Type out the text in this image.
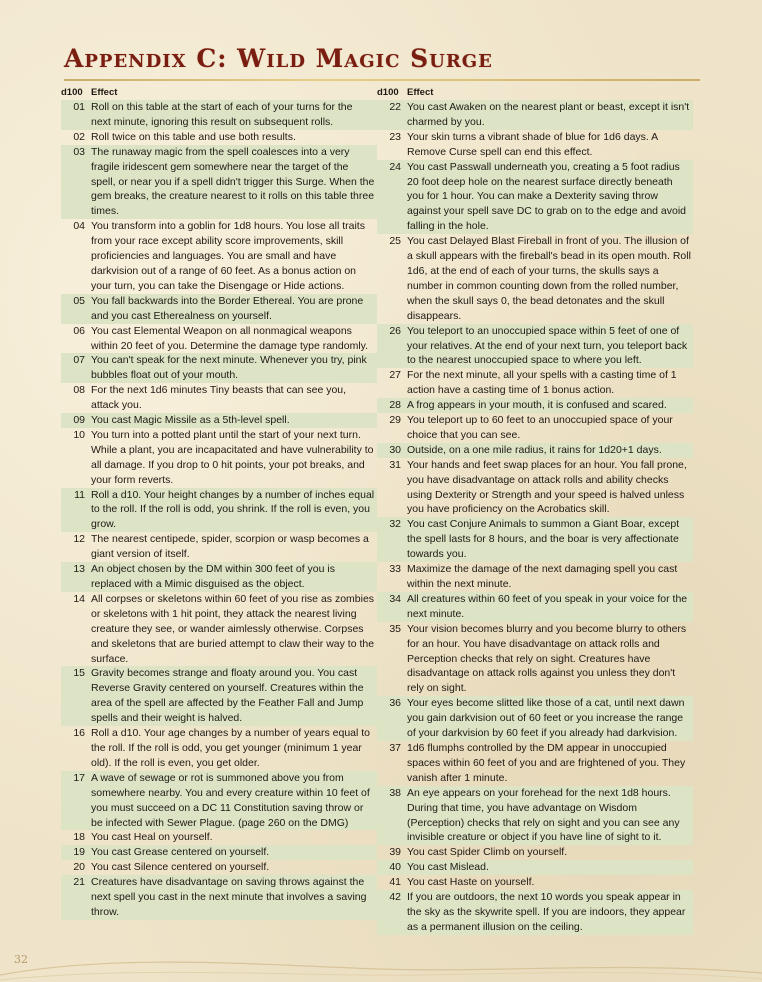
Appendix C: Wild Magic Surge
d100	Effect
01	Roll on this table at the start of each of your turns for the next minute, ignoring this result on subsequent rolls.
02	Roll twice on this table and use both results.
03	The runaway magic from the spell coalesces into a very fragile iridescent gem somewhere near the target of the spell, or near you if a spell didn't trigger this Surge. When the gem breaks, the creature nearest to it rolls on this table three times.
04	You transform into a goblin for 1d8 hours. You lose all traits from your race except ability score improvements, skill proficiencies and languages. You are small and have darkvision out of a range of 60 feet. As a bonus action on your turn, you can take the Disengage or Hide actions.
05	You fall backwards into the Border Ethereal. You are prone and you cast Etherealness on yourself.
06	You cast Elemental Weapon on all nonmagical weapons within 20 feet of you. Determine the damage type randomly.
07	You can't speak for the next minute. Whenever you try, pink bubbles float out of your mouth.
08	For the next 1d6 minutes Tiny beasts that can see you, attack you.
09	You cast Magic Missile as a 5th-level spell.
10	You turn into a potted plant until the start of your next turn. While a plant, you are incapacitated and have vulnerability to all damage. If you drop to 0 hit points, your pot breaks, and your form reverts.
11	Roll a d10. Your height changes by a number of inches equal to the roll. If the roll is odd, you shrink. If the roll is even, you grow.
12	The nearest centipede, spider, scorpion or wasp becomes a giant version of itself.
13	An object chosen by the DM within 300 feet of you is replaced with a Mimic disguised as the object.
14	All corpses or skeletons within 60 feet of you rise as zombies or skeletons with 1 hit point, they attack the nearest living creature they see, or wander aimlessly otherwise. Corpses and skeletons that are buried attempt to claw their way to the surface.
15	Gravity becomes strange and floaty around you. You cast Reverse Gravity centered on yourself. Creatures within the area of the spell are affected by the Feather Fall and Jump spells and their weight is halved.
16	Roll a d10. Your age changes by a number of years equal to the roll. If the roll is odd, you get younger (minimum 1 year old). If the roll is even, you get older.
17	A wave of sewage or rot is summoned above you from somewhere nearby. You and every creature within 10 feet of you must succeed on a DC 11 Constitution saving throw or be infected with Sewer Plague. (page 260 on the DMG)
18	You cast Heal on yourself.
19	You cast Grease centered on yourself.
20	You cast Silence centered on yourself.
21	Creatures have disadvantage on saving throws against the next spell you cast in the next minute that involves a saving throw.
d100	Effect
22	You cast Awaken on the nearest plant or beast, except it isn't charmed by you.
23	Your skin turns a vibrant shade of blue for 1d6 days. A Remove Curse spell can end this effect.
24	You cast Passwall underneath you, creating a 5 foot radius 20 foot deep hole on the nearest surface directly beneath you for 1 hour. You can make a Dexterity saving throw against your spell save DC to grab on to the edge and avoid falling in the hole.
25	You cast Delayed Blast Fireball in front of you. The illusion of a skull appears with the fireball's bead in its open mouth. Roll 1d6, at the end of each of your turns, the skulls says a number in common counting down from the rolled number, when the skull says 0, the bead detonates and the skull disappears.
26	You teleport to an unoccupied space within 5 feet of one of your relatives. At the end of your next turn, you teleport back to the nearest unoccupied space to where you left.
27	For the next minute, all your spells with a casting time of 1 action have a casting time of 1 bonus action.
28	A frog appears in your mouth, it is confused and scared.
29	You teleport up to 60 feet to an unoccupied space of your choice that you can see.
30	Outside, on a one mile radius, it rains for 1d20+1 days.
31	Your hands and feet swap places for an hour. You fall prone, you have disadvantage on attack rolls and ability checks using Dexterity or Strength and your speed is halved unless you have proficiency on the Acrobatics skill.
32	You cast Conjure Animals to summon a Giant Boar, except the spell lasts for 8 hours, and the boar is very affectionate towards you.
33	Maximize the damage of the next damaging spell you cast within the next minute.
34	All creatures within 60 feet of you speak in your voice for the next minute.
35	Your vision becomes blurry and you become blurry to others for an hour. You have disadvantage on attack rolls and Perception checks that rely on sight. Creatures have disadvantage on attack rolls against you unless they don't rely on sight.
36	Your eyes become slitted like those of a cat, until next dawn you gain darkvision out of 60 feet or you increase the range of your darkvision by 60 feet if you already had darkvision.
37	1d6 flumphs controlled by the DM appear in unoccupied spaces within 60 feet of you and are frightened of you. They vanish after 1 minute.
38	An eye appears on your forehead for the next 1d8 hours. During that time, you have advantage on Wisdom (Perception) checks that rely on sight and you can see any invisible creature or object if you have line of sight to it.
39	You cast Spider Climb on yourself.
40	You cast Mislead.
41	You cast Haste on yourself.
42	If you are outdoors, the next 10 words you speak appear in the sky as the skywrite spell. If you are indoors, they appear as a permanent illusion on the ceiling.
32
